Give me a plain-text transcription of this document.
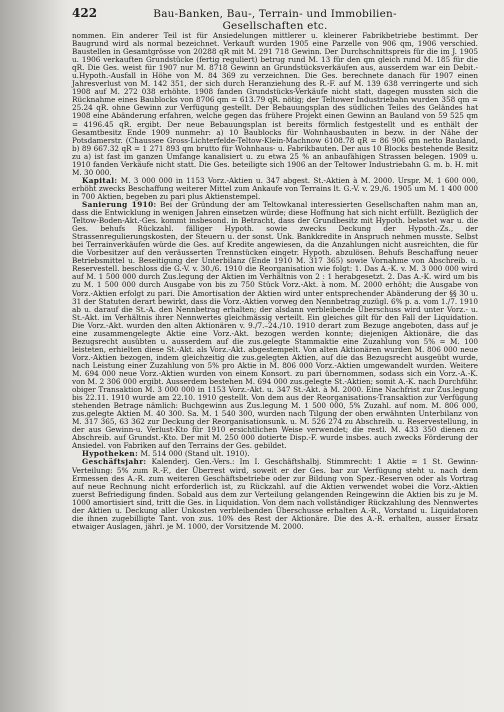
422	Bau-Banken, Bau-, Terrain- und Immobilien-Gesellschaften etc.

nommen. Ein anderer Teil ist für Ansiedelungen mittlerer u. kleinerer Fabrikbetriebe bestimmt. Der Baugrund wird als normal bezeichnet. Verkauft wurden 1905 eine Parzelle von 906 qm, 1906 verschied. Baustellen in Gesamtgrösse von 20288 qR mit M. 291 718 Gewinn. Der Durchschnittspreis für die im J. 1905 u. 1906 verkauften Grundstücke (fertig reguliert) betrug rund M. 13 für den qm gleich rund M. 185 für die qR. Die Ges. weist für 1907 nur M. 8718 Gewinn an Grundstücksverkäufen aus, ausserdem war ein Debit.-u.Hypoth.-Ausfall in Höhe von M. 84 369 zu verzeichnen. Die Ges. berechnete danach für 1907 einen Jahresverlust von M. 142 351, der sich durch Heranziehung des R.-F. auf M. 139 638 verringerte und sich 1908 auf M. 272 038 erhöhte. 1908 fanden Grundstücks-Verkäufe nicht statt, dagegen mussten sich die Rücknahme eines Baublocks von 8706 qm = 613.79 qR. nötig; der Teltower Industriebahn wurden 358 qm = 25.24 qR. ohne Gewinn zur Verfügung gestellt. Der Bebauungsplan des südlichen Teiles des Geländes hat 1908 eine Abänderung erfahren, welche gegen das frühere Projekt einen Gewinn an Bauland von 59 525 qm = 4196.45 qR. ergibt. Der neue Bebauungsplan ist bereits förmlich festgestellt und es enthält der Gesamtbesitz Ende 1909 nunmehr: a) 10 Baublocks für Wohnhausbauten in bezw. in der Nähe der Potsdamerstr. (Chaussee Gross-Lichterfelde-Teltow-Klein-Machnow 6108.78 qR = 86 906 qm netto Bauland, b) 89 667.32 qR = 1 271 893 qm brutto für Wohnhaus- u. Fabrikbauten. Der aus 10 Blocks bestehende Besitz zu a) ist fast im ganzen Umfange kanalisiert u. zu etwa 25 % an anbaufähigen Strassen belegen. 1909 u. 1910 fanden Verkäufe nicht statt. Die Ges. beteiligte sich 1906 an der Teltower Industriebahn G. m. b. H. mit M. 30 000.

Kapital: M. 3 000 000 in 1153 Vorz.-Aktien u. 347 abgest. St.-Aktien à M. 2000. Urspr. M. 1 600 000, erhöht zwecks Beschaffung weiterer Mittel zum Ankaufe von Terrains lt. G.-V. v. 29./6. 1905 um M. 1 400 000 in 700 Aktien, begeben zu pari plus Aktienstempel.

Sanierung 1910: Bei der Gründung der am Teltowkanal interessierten Gesellschaften nahm man an, dass die Entwicklung in wenigen Jahren einsetzen würde; diese Hoffnung hat sich nicht erfüllt. Bezüglich der Teltow-Boden-Akt.-Ges. kommt insbesond. in Betracht, dass der Grundbesitz mit Hypoth. belastet war u. die Ges. behufs Rückzahl. fälliger Hypoth. sowie zwecks Deckung der Hypoth.-Zs., der Strassenregulierungskosten, der Steuern u. der sonst. Unk. Bankkredite in Anspruch nehmen musste. Selbst bei Terrainverkäufen würde die Ges. auf Kredite angewiesen, da die Anzahlungen nicht ausreichten, die für die Vorbesitzer auf den veräusserten Trennstücken eingetr. Hypoth. abzulösen. Behufs Beschaffung neuer Betriebsmittel u. Beseitigung der Unterbilanz (Ende 1910 M. 317 365) sowie Vornahme von Abschreib. u. Reservestell. beschloss die G.-V. v. 30./6. 1910 die Reorganisation wie folgt: 1. Das A.-K. v. M. 3 000 000 wird auf M. 1 500 000 durch Zus.legung der Aktien im Verhältnis von 2 : 1 herabgesetzt. 2. Das A.-K. wird um bis zu M. 1 500 000 durch Ausgabe von bis zu 750 Stück Vorz.-Akt. à nom. M. 2000 erhöht; die Ausgabe von Vorz.-Aktien erfolgt zu pari. Die Amortisation der Aktien wird unter entsprechender Abänderung der §§ 30 u. 31 der Statuten derart bewirkt, dass die Vorz.-Aktien vorweg den Nennbetrag zuzügl. 6% p. a. vom 1./7. 1910 ab u. darauf die St.-A. den Nennbetrag erhalten; der alsdann verbleibende Überschuss wird unter Vorz.- u. St.-Akt. im Verhältnis ihrer Nennwertes gleichmässig verteilt. Ein gleiches gilt für den Fall der Liquidation. Die Vorz.-Akt. wurden den alten Aktionären v. 9./7.–24./10. 1910 derart zum Bezuge angeboten, dass auf je eine zusammengelegte Aktie eine Vorz.-Akt. bezogen werden konnte; diejenigen Aktionäre, die das Bezugsrecht ausübten u. ausserdem auf die zus.gelegte Stammaktie eine Zuzahlung von 5% = M. 100 leisteten, erhielten diese St.-Akt. als Vorz.-Akt. abgestempelt. Von alten Aktionären wurden M. 806 000 neue Vorz.-Aktien bezogen, indem gleichzeitig die zus.gelegten Aktien, auf die das Bezugsrecht ausgeübt wurde, nach Leistung einer Zuzahlung von 5% pro Aktie in M. 806 000 Vorz.-Aktien umgewandelt wurden. Weitere M. 694 000 neue Vorz.-Aktien wurden von einem Konsort. zu pari übernommen, sodass sich ein Vorz.-A.-K. von M. 2 306 000 ergibt. Ausserdem bestehen M. 694 000 zus.gelegte St.-Aktien; somit A.-K. nach Durchführ. obiger Transaktion M. 3 000 000 in 1153 Vorz.-Akt. u. 347 St.-Akt. à M. 2000. Eine Nachfrist zur Zus.legung bis 22.11. 1910 wurde am 22.10. 1910 gestellt. Von dem aus der Reorganisations-Transaktion zur Verfügung stehenden Betrage nämlich: Buchgewinn aus Zus.legung M. 1 500 000, 5% Zuzahl. auf nom. M. 806 000, zus.gelegte Aktien M. 40 300. Sa. M. 1 540 300, wurden nach Tilgung der oben erwähnten Unterbilanz von M. 317 365, 63 362 zur Deckung der Reorganisationsunk. u. M. 526 274 zu Abschreib. u. Reservestellung, in der aus Gewinn-u. Verlust-Kto für 1910 ersichtlichen Weise verwendet; die restl. M. 433 350 dienen zu Abschreib. auf Grundst.-Kto. Der mit M. 250 000 dotierte Disp.-F. wurde insbes. auch zwecks Förderung der Ansiedel. von Fabriken auf den Terrains der Ges. gebildet.

Hypotheken: M. 514 000 (Stand ult. 1910).

Geschäftsjahr: Kalenderj. Gen.-Vers.: Im I. Geschäftshalbj. Stimmrecht: 1 Aktie = 1 St. Gewinn-Verteilung: 5% zum R.-F., der Überrest wird, soweit er der Ges. bar zur Verfügung steht u. nach dem Ermessen des A.-R. zum weiteren Geschäftsbetriebe oder zur Bildung von Spez.-Reserven oder als Vortrag auf neue Rechnung nicht erforderlich ist, zu Rückzahl. auf die Aktien verwendet wobei die Vorz.-Aktien zuerst Befriedigung finden. Sobald aus dem zur Verteilung gelangenden Reingewinn die Aktien bis zu je M. 1000 amortisiert sind, tritt die Ges. in Liquidation. Von dem nach vollständiger Rückzahlung des Nennwertes der Aktien u. Deckung aller Unkosten verbleibenden Überschusse erhalten A.-R., Vorstand u. Liquidatoren die ihnen zugebilligte Tant. von zus. 10% des Rest der Aktionäre. Die des A.-R. erhalten, ausser Ersatz etwaiger Auslagen, jährl. je M. 1000, der Vorsitzende M. 2000.
